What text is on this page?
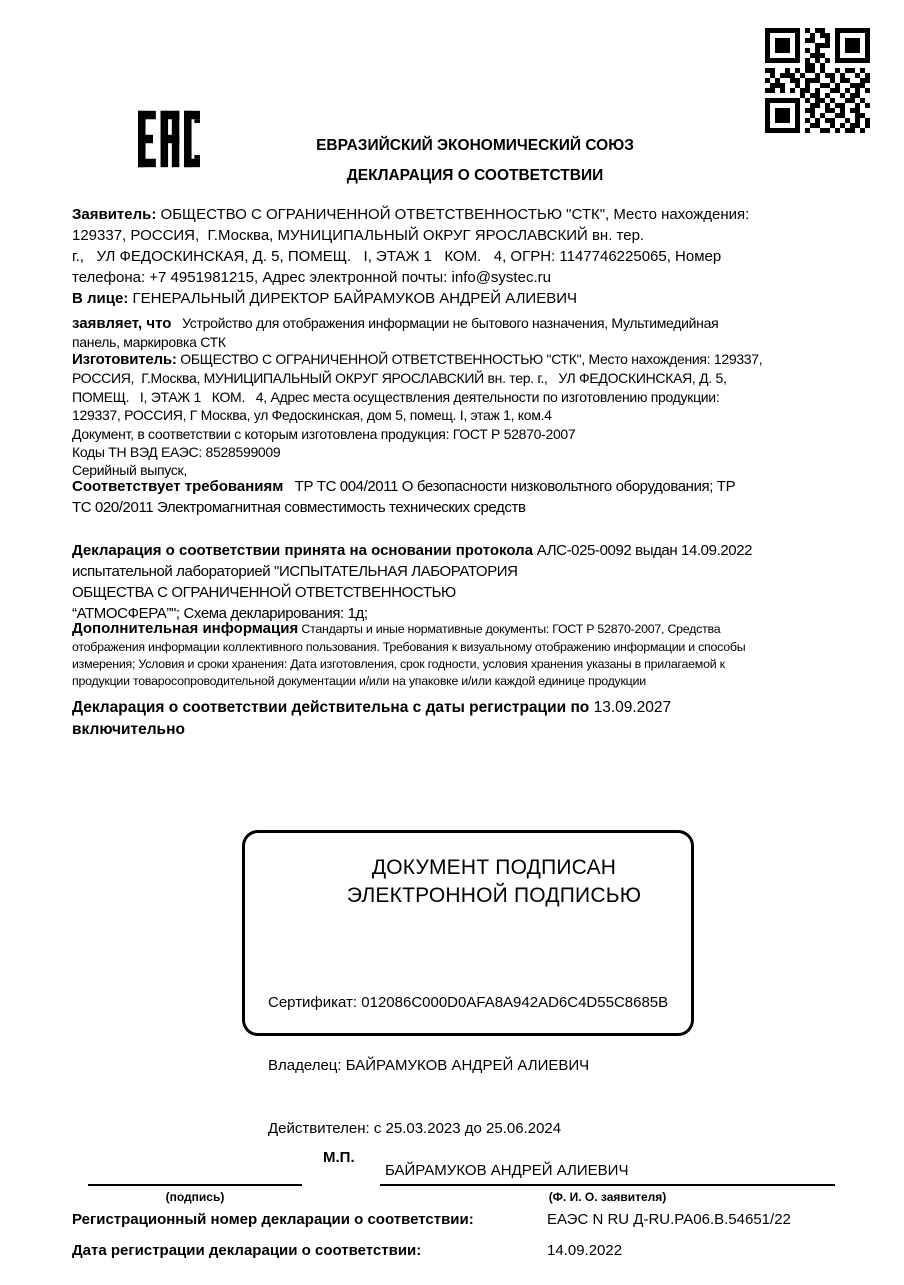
ЕВРАЗИЙСКИЙ ЭКОНОМИЧЕСКИЙ СОЮЗ
ДЕКЛАРАЦИЯ О СООТВЕТСТВИИ
Заявитель: ОБЩЕСТВО С ОГРАНИЧЕННОЙ ОТВЕТСТВЕННОСТЬЮ "СТК", Место нахождения:
129337, РОССИЯ,  Г.Москва, МУНИЦИПАЛЬНЫЙ ОКРУГ ЯРОСЛАВСКИЙ вн. тер.
г.,   УЛ ФЕДОСКИНСКАЯ, Д. 5, ПОМЕЩ.   I, ЭТАЖ 1   КОМ.   4, ОГРН: 1147746225065, Номер
телефона: +7 4951981215, Адрес электронной почты: info@systec.ru
В лице: ГЕНЕРАЛЬНЫЙ ДИРЕКТОР БАЙРАМУКОВ АНДРЕЙ АЛИЕВИЧ
заявляет, что   Устройство для отображения информации не бытового назначения, Мультимедийная
панель, маркировка СТК
Изготовитель: ОБЩЕСТВО С ОГРАНИЧЕННОЙ ОТВЕТСТВЕННОСТЬЮ "СТК", Место нахождения: 129337,
РОССИЯ,  Г.Москва, МУНИЦИПАЛЬНЫЙ ОКРУГ ЯРОСЛАВСКИЙ вн. тер. г.,   УЛ ФЕДОСКИНСКАЯ, Д. 5,
ПОМЕЩ.   I, ЭТАЖ 1   КОМ.   4, Адрес места осуществления деятельности по изготовлению продукции:
129337, РОССИЯ, Г Москва, ул Федоскинская, дом 5, помещ. I, этаж 1, ком.4
Документ, в соответствии с которым изготовлена продукция: ГОСТ Р 52870-2007
Коды ТН ВЭД ЕАЭС: 8528599009
Серийный выпуск,
Соответствует требованиям   ТР ТС 004/2011 О безопасности низковольтного оборудования; ТР
ТС 020/2011 Электромагнитная совместимость технических средств
Декларация о соответствии принята на основании протокола АЛС-025-0092 выдан 14.09.2022
испытательной лабораторией "ИСПЫТАТЕЛЬНАЯ ЛАБОРАТОРИЯ
ОБЩЕСТВА С ОГРАНИЧЕННОЙ ОТВЕТСТВЕННОСТЬЮ
“АТМОСФЕРА”"; Схема декларирования: 1д;
Дополнительная информация Стандарты и иные нормативные документы: ГОСТ Р 52870-2007, Средства
отображения информации коллективного пользования. Требования к визуальному отображению информации и способы
измерения; Условия и сроки хранения: Дата изготовления, срок годности, условия хранения указаны в прилагаемой к
продукции товаросопроводительной документации и/или на упаковке и/или каждой единице продукции
Декларация о соответствии действительна с даты регистрации по 13.09.2027
включительно
ДОКУМЕНТ ПОДПИСАН
ЭЛЕКТРОННОЙ ПОДПИСЬЮ

Сертификат: 012086C000D0AFA8A942AD6C4D55C8685B

Владелец: БАЙРАМУКОВ АНДРЕЙ АЛИЕВИЧ

Действителен: с 25.03.2023 до 25.06.2024

М.П.
БАЙРАМУКОВ АНДРЕЙ АЛИЕВИЧ
(подпись)	(Ф. И. О. заявителя)
Регистрационный номер декларации о соответствии:	ЕАЭС N RU Д-RU.РА06.В.54651/22
Дата регистрации декларации о соответствии:	14.09.2022
